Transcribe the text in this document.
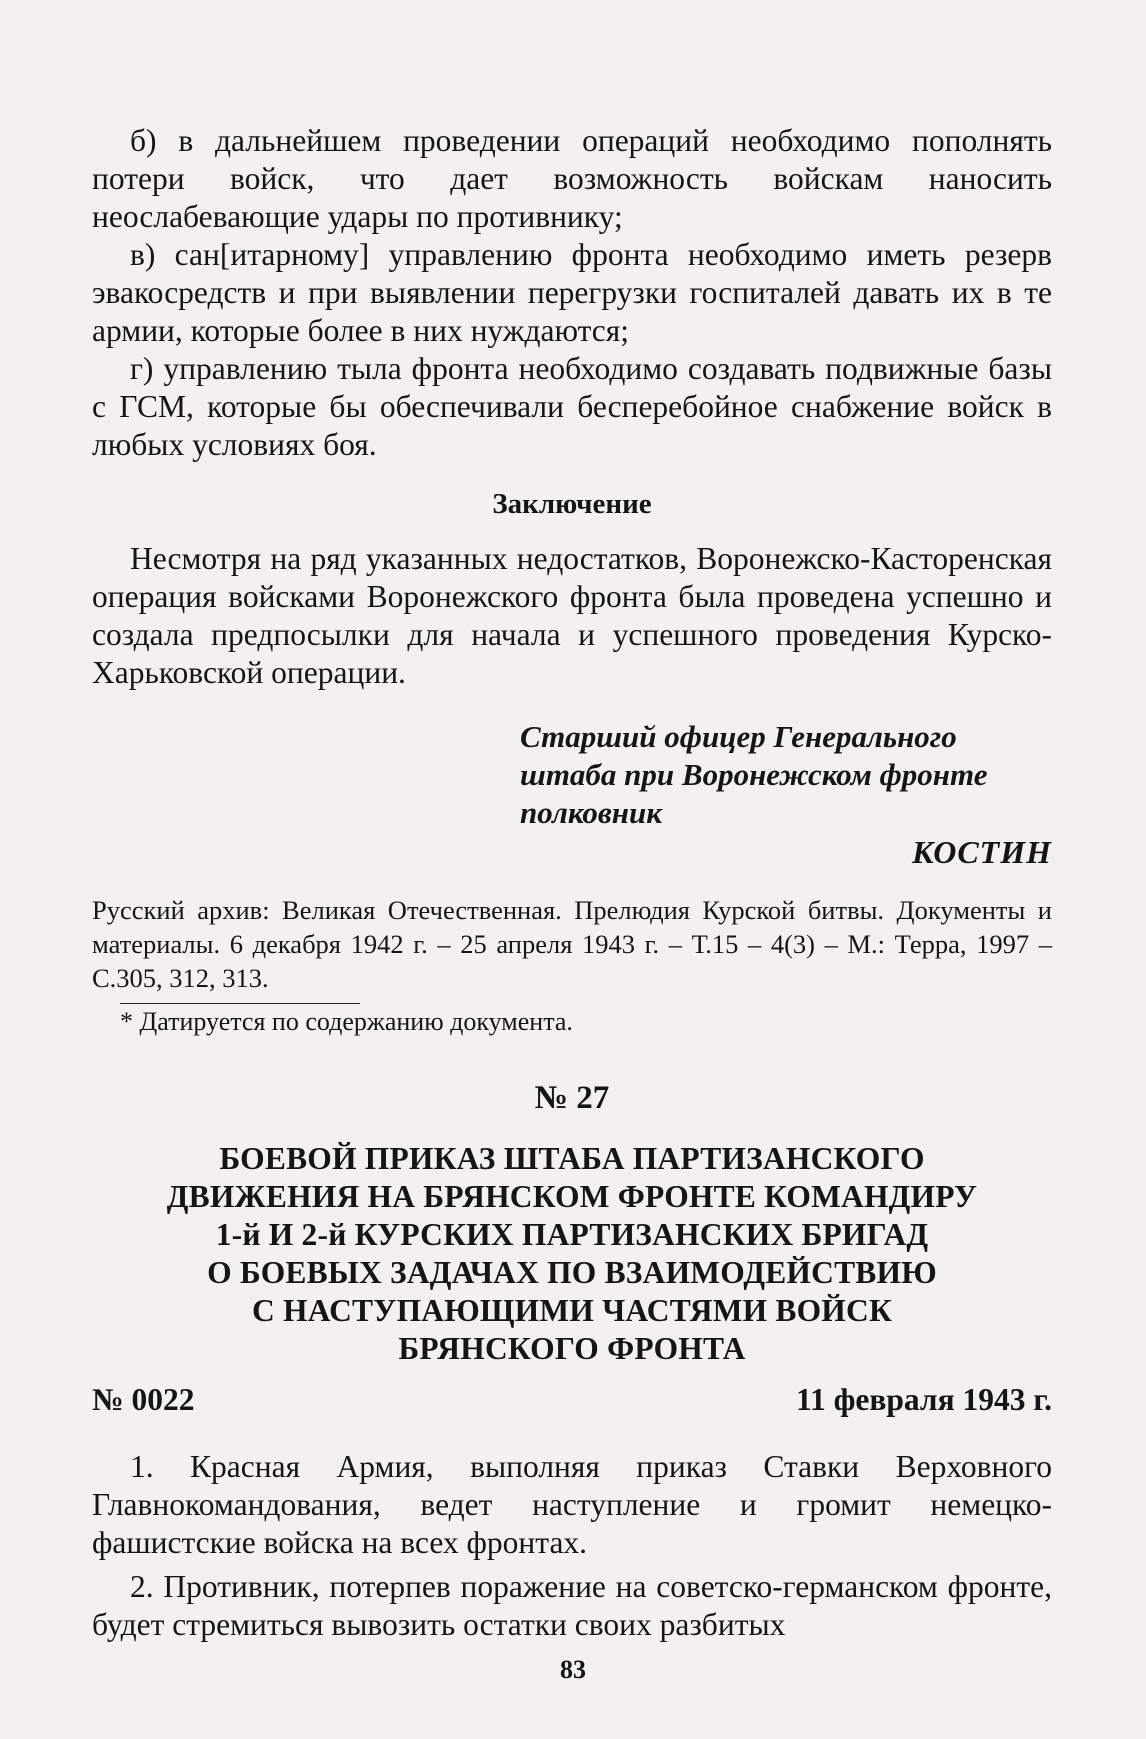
б) в дальнейшем проведении операций необходимо пополнять потери войск, что дает возможность войскам наносить неослабевающие удары по противнику;

в) сан[итарному] управлению фронта необходимо иметь резерв эвакосредств и при выявлении перегрузки госпиталей давать их в те армии, которые более в них нуждаются;

г) управлению тыла фронта необходимо создавать подвижные базы с ГСМ, которые бы обеспечивали бесперебойное снабжение войск в любых условиях боя.

Заключение

Несмотря на ряд указанных недостатков, Воронежско-Касторенская операция войсками Воронежского фронта была проведена успешно и создала предпосылки для начала и успешного проведения Курско-Харьковской операции.

Старший офицер Генерального штаба при Воронежском фронте полковник
КОСТИН
Русский архив: Великая Отечественная. Прелюдия Курской битвы. Документы и материалы. 6 декабря 1942 г. – 25 апреля 1943 г. – Т.15 – 4(3) – М.: Терра, 1997 – С.305, 312, 313.
* Датируется по содержанию документа.
№ 27
БОЕВОЙ ПРИКАЗ ШТАБА ПАРТИЗАНСКОГО
ДВИЖЕНИЯ НА БРЯНСКОМ ФРОНТЕ КОМАНДИРУ
1-й И 2-й КУРСКИХ ПАРТИЗАНСКИХ БРИГАД
О БОЕВЫХ ЗАДАЧАХ ПО ВЗАИМОДЕЙСТВИЮ
С НАСТУПАЮЩИМИ ЧАСТЯМИ ВОЙСК
БРЯНСКОГО ФРОНТА
№ 0022	11 февраля 1943 г.

1. Красная Армия, выполняя приказ Ставки Верховного Главнокомандования, ведет наступление и громит немецко-фашистские войска на всех фронтах.

2. Противник, потерпев поражение на советско-германском фронте, будет стремиться вывозить остатки своих разбитых

83
